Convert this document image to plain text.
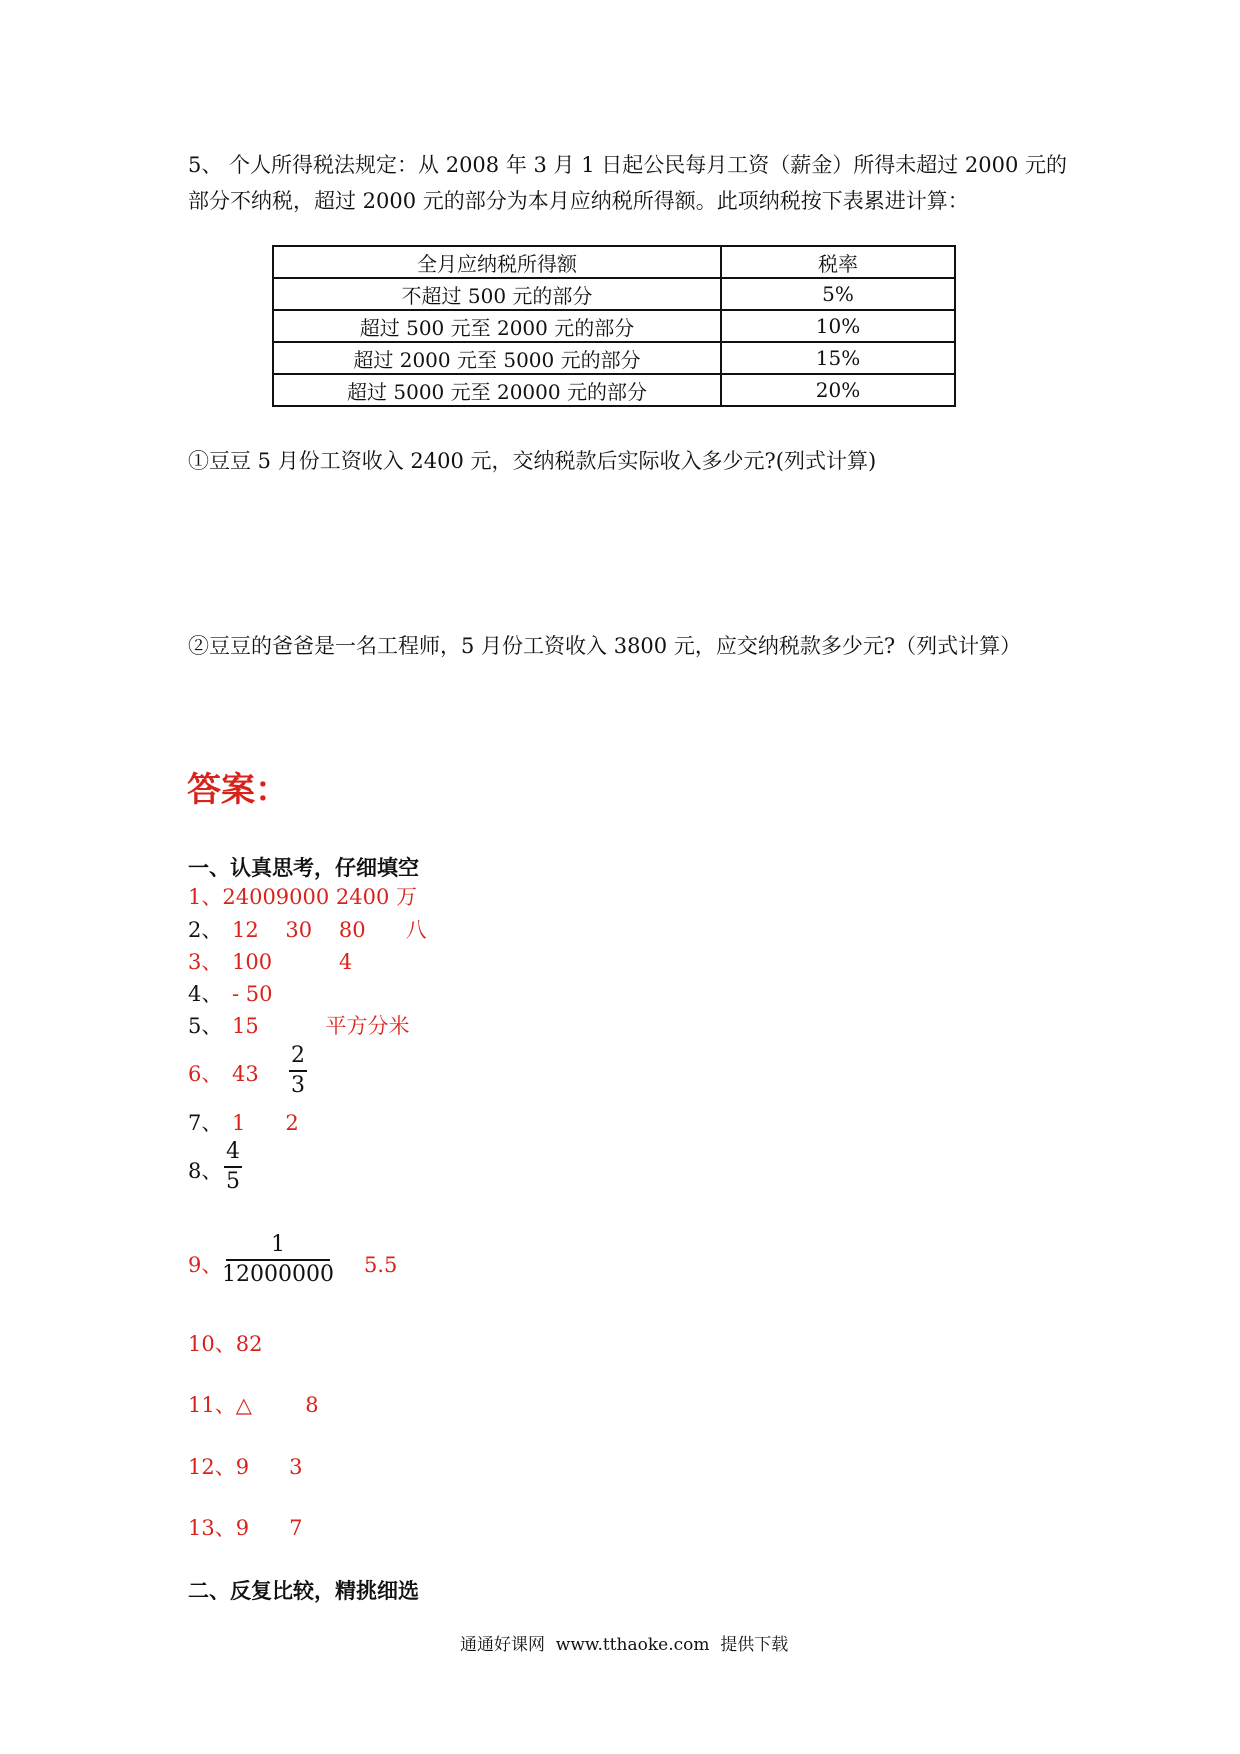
5、 个人所得税法规定：从 2008 年 3 月 1 日起公民每月工资（薪金）所得未超过 2000 元的
部分不纳税，超过 2000 元的部分为本月应纳税所得额。此项纳税按下表累进计算：
全月应纳税所得额	税率
不超过 500 元的部分	5%
超过 500 元至 2000 元的部分	10%
超过 2000 元至 5000 元的部分	15%
超过 5000 元至 20000 元的部分	20%
①豆豆 5 月份工资收入 2400 元，交纳税款后实际收入多少元?(列式计算)
②豆豆的爸爸是一名工程师，5 月份工资收入 3800 元，应交纳税款多少元?（列式计算）
答案：
一、认真思考，仔细填空
1、24009000 2400 万
2、 12    30    80      八
3、 100          4
4、 - 50
5、 15          平方分米
6、 43
2
3
7、 1      2
8、
4
5
9、
1
12000000 5.5
10、82
11、△        8
12、9      3
13、9      7
二、反复比较，精挑细选
通通好课网  www.tthaoke.com  提供下载
